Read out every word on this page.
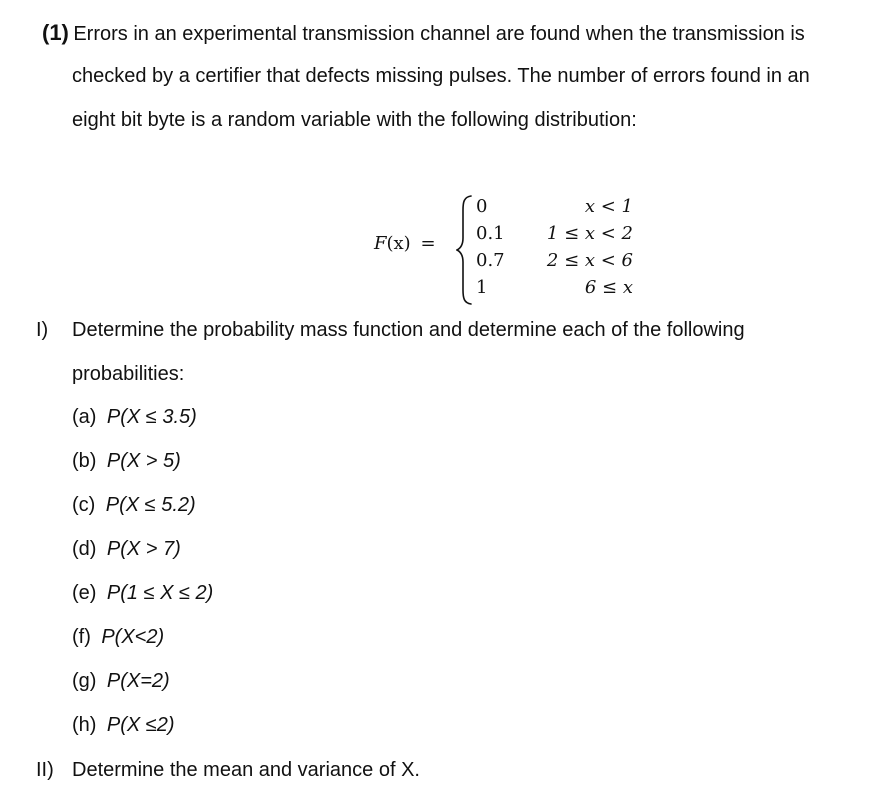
(1) Errors in an experimental transmission channel are found when the transmission is
checked by a certifier that defects missing pulses. The number of errors found in an
eight bit byte is a random variable with the following distribution:
F(x) =
0
0.1
0.7
1
x < 1
1 ≤ x < 2
2 ≤ x < 6
6 ≤ x
I) Determine the probability mass function and determine each of the following
probabilities:
(a) P(X ≤ 3.5)
(b) P(X > 5)
(c) P(X ≤ 5.2)
(d) P(X > 7)
(e) P(1 ≤ X ≤ 2)
(f) P(X<2)
(g) P(X=2)
(h) P(X ≤2)
II) Determine the mean and variance of X.
